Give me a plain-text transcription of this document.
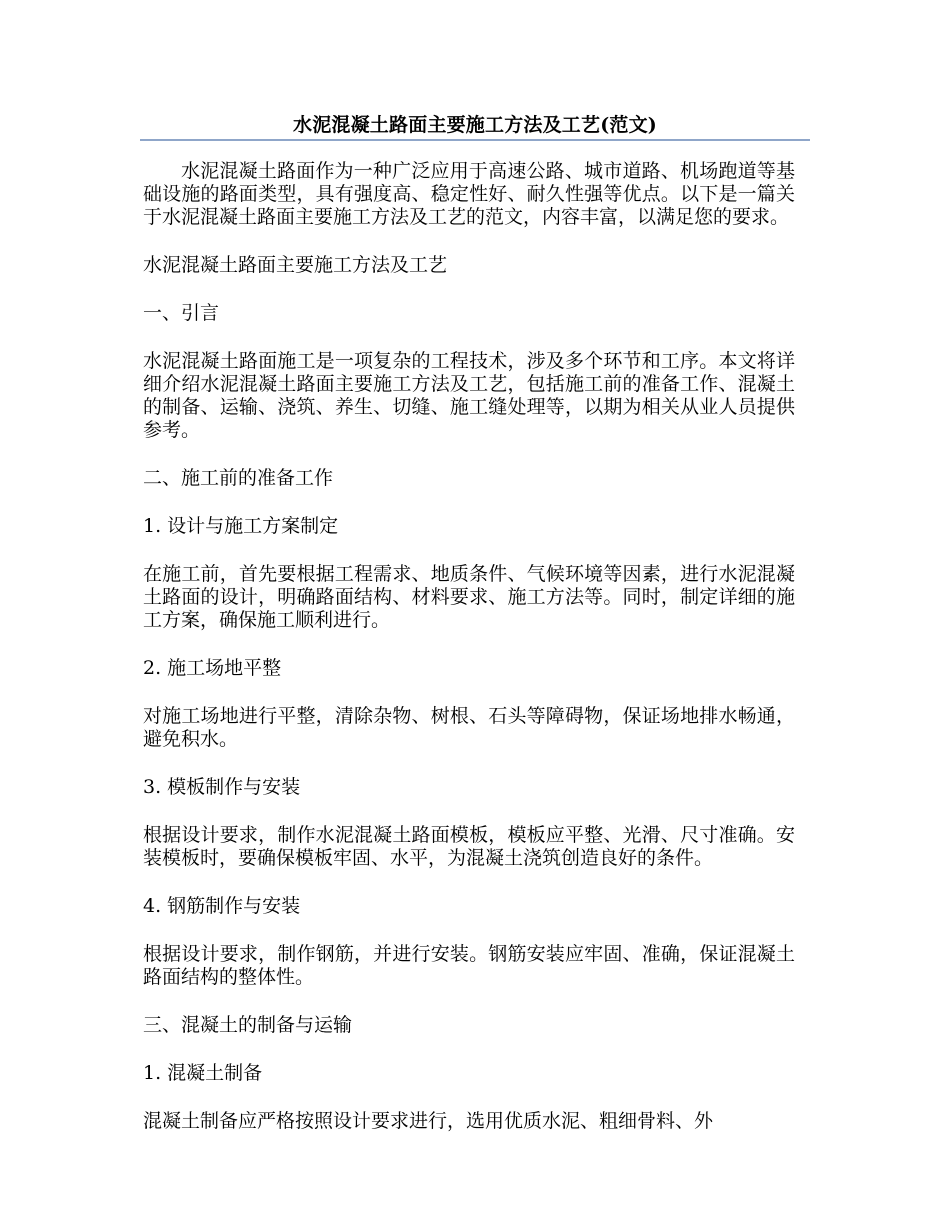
水泥混凝土路面主要施工方法及工艺(范文)

水泥混凝土路面作为一种广泛应用于高速公路、城市道路、机场跑道等基础设施的路面类型，具有强度高、稳定性好、耐久性强等优点。以下是一篇关于水泥混凝土路面主要施工方法及工艺的范文，内容丰富，以满足您的要求。

水泥混凝土路面主要施工方法及工艺

一、引言

水泥混凝土路面施工是一项复杂的工程技术，涉及多个环节和工序。本文将详细介绍水泥混凝土路面主要施工方法及工艺，包括施工前的准备工作、混凝土的制备、运输、浇筑、养生、切缝、施工缝处理等，以期为相关从业人员提供参考。

二、施工前的准备工作

1. 设计与施工方案制定

在施工前，首先要根据工程需求、地质条件、气候环境等因素，进行水泥混凝土路面的设计，明确路面结构、材料要求、施工方法等。同时，制定详细的施工方案，确保施工顺利进行。

2. 施工场地平整

对施工场地进行平整，清除杂物、树根、石头等障碍物，保证场地排水畅通，避免积水。

3. 模板制作与安装

根据设计要求，制作水泥混凝土路面模板，模板应平整、光滑、尺寸准确。安装模板时，要确保模板牢固、水平，为混凝土浇筑创造良好的条件。

4. 钢筋制作与安装

根据设计要求，制作钢筋，并进行安装。钢筋安装应牢固、准确，保证混凝土路面结构的整体性。

三、混凝土的制备与运输

1. 混凝土制备

混凝土制备应严格按照设计要求进行，选用优质水泥、粗细骨料、外
